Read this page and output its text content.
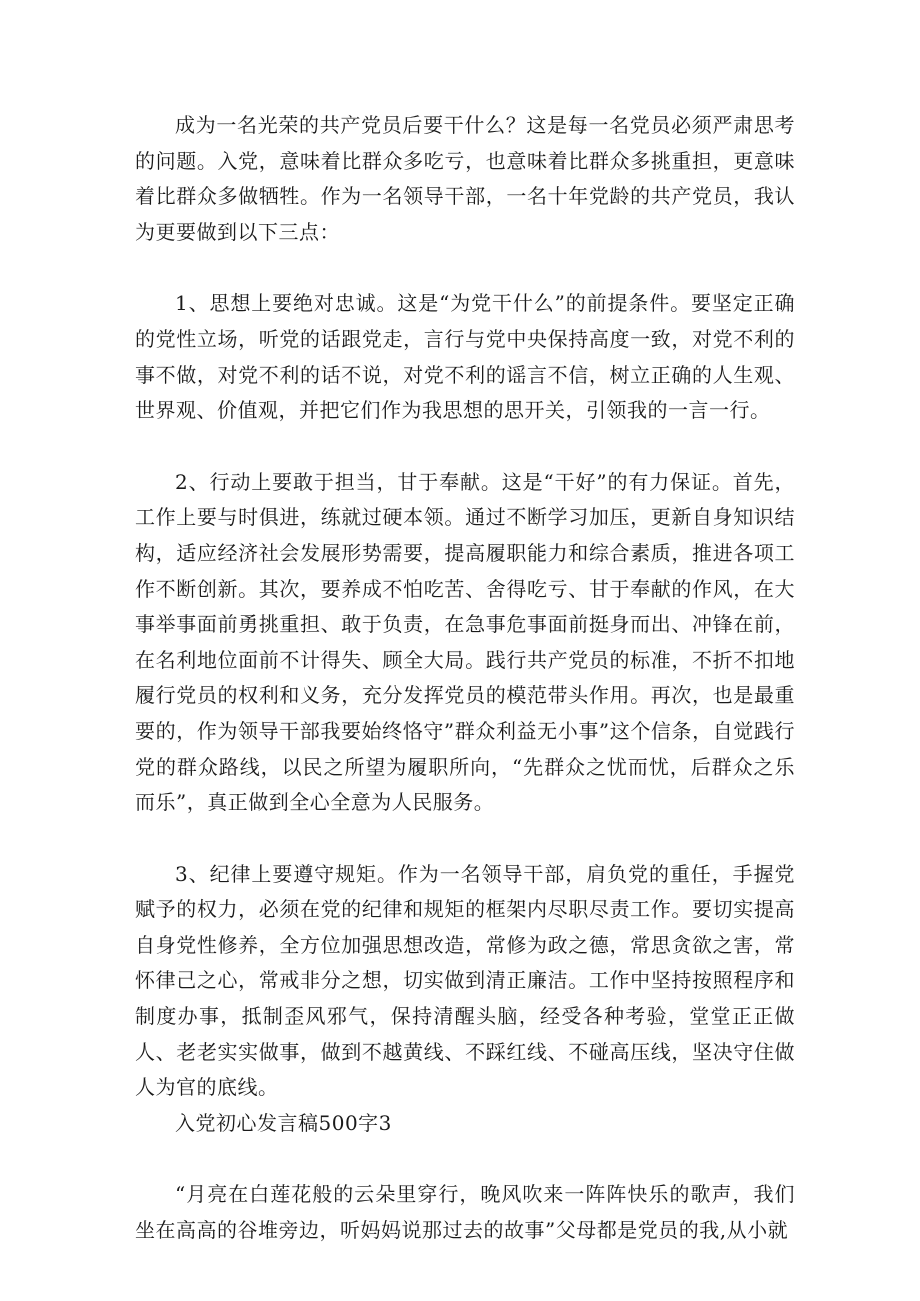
成为一名光荣的共产党员后要干什么？这是每一名党员必须严肃思考的问题。入党，意味着比群众多吃亏，也意味着比群众多挑重担，更意味着比群众多做牺牲。作为一名领导干部，一名十年党龄的共产党员，我认为更要做到以下三点：

1、思想上要绝对忠诚。这是“为党干什么”的前提条件。要坚定正确的党性立场，听党的话跟党走，言行与党中央保持高度一致，对党不利的事不做，对党不利的话不说，对党不利的谣言不信，树立正确的人生观、世界观、价值观，并把它们作为我思想的思开关，引领我的一言一行。

2、行动上要敢于担当，甘于奉献。这是“干好”的有力保证。首先，工作上要与时俱进，练就过硬本领。通过不断学习加压，更新自身知识结构，适应经济社会发展形势需要，提高履职能力和综合素质，推进各项工作不断创新。其次，要养成不怕吃苦、舍得吃亏、甘于奉献的作风，在大事举事面前勇挑重担、敢于负责，在急事危事面前挺身而出、冲锋在前，在名利地位面前不计得失、顾全大局。践行共产党员的标准，不折不扣地履行党员的权利和义务，充分发挥党员的模范带头作用。再次，也是最重要的，作为领导干部我要始终恪守”群众利益无小事”这个信条，自觉践行党的群众路线，以民之所望为履职所向，“先群众之忧而忧，后群众之乐而乐”，真正做到全心全意为人民服务。

3、纪律上要遵守规矩。作为一名领导干部，肩负党的重任，手握党赋予的权力，必须在党的纪律和规矩的框架内尽职尽责工作。要切实提高自身党性修养，全方位加强思想改造，常修为政之德，常思贪欲之害，常怀律己之心，常戒非分之想，切实做到清正廉洁。工作中坚持按照程序和制度办事，抵制歪风邪气，保持清醒头脑，经受各种考验，堂堂正正做人、老老实实做事，做到不越黄线、不踩红线、不碰高压线，坚决守住做人为官的底线。

入党初心发言稿500字3

“月亮在白莲花般的云朵里穿行，晚风吹来一阵阵快乐的歌声，我们坐在高高的谷堆旁边，听妈妈说那过去的故事”父母都是党员的我,从小就
